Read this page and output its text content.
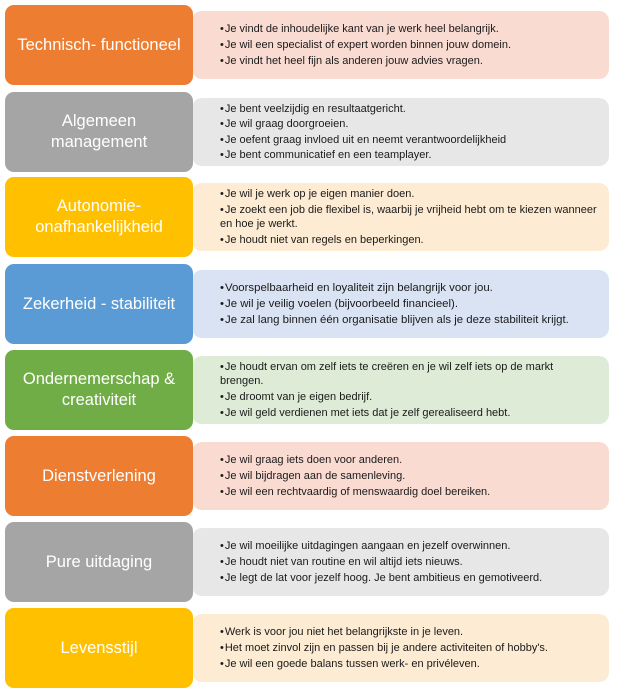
•Je vindt de inhoudelijke kant van je werk heel belangrijk.
•Je wil een specialist of expert worden binnen jouw domein.
•Je vindt het heel fijn als anderen jouw advies vragen.
Technisch- functioneel
•Je bent veelzijdig en resultaatgericht.
•Je wil graag doorgroeien.
•Je oefent graag invloed uit en neemt verantwoordelijkheid
•Je bent communicatief en een teamplayer.
Algemeen management
•Je wil je werk op je eigen manier doen.
•Je zoekt een job die flexibel is, waarbij je vrijheid hebt om te kiezen wanneer en hoe je werkt.
•Je houdt niet van regels en beperkingen.
Autonomie-onafhankelijkheid
•Voorspelbaarheid en loyaliteit zijn belangrijk voor jou.
•Je wil je veilig voelen (bijvoorbeeld financieel).
•Je zal lang binnen één organisatie blijven als je deze stabiliteit krijgt.
Zekerheid - stabiliteit
•Je houdt ervan om zelf iets te creëren en je wil zelf iets op de markt brengen.
•Je droomt van je eigen bedrijf.
•Je wil geld verdienen met iets dat je zelf gerealiseerd hebt.
Ondernemerschap & creativiteit
•Je wil graag iets doen voor anderen.
•Je wil bijdragen aan de samenleving.
•Je wil een rechtvaardig of menswaardig doel bereiken.
Dienstverlening
•Je wil moeilijke uitdagingen aangaan en jezelf overwinnen.
•Je houdt niet van routine en wil altijd iets nieuws.
•Je legt de lat voor jezelf hoog. Je bent ambitieus en gemotiveerd.
Pure uitdaging
•Werk is voor jou niet het belangrijkste in je leven.
•Het moet zinvol zijn en passen bij je andere activiteiten of hobby's.
•Je wil een goede balans tussen werk- en privéleven.
Levensstijl
